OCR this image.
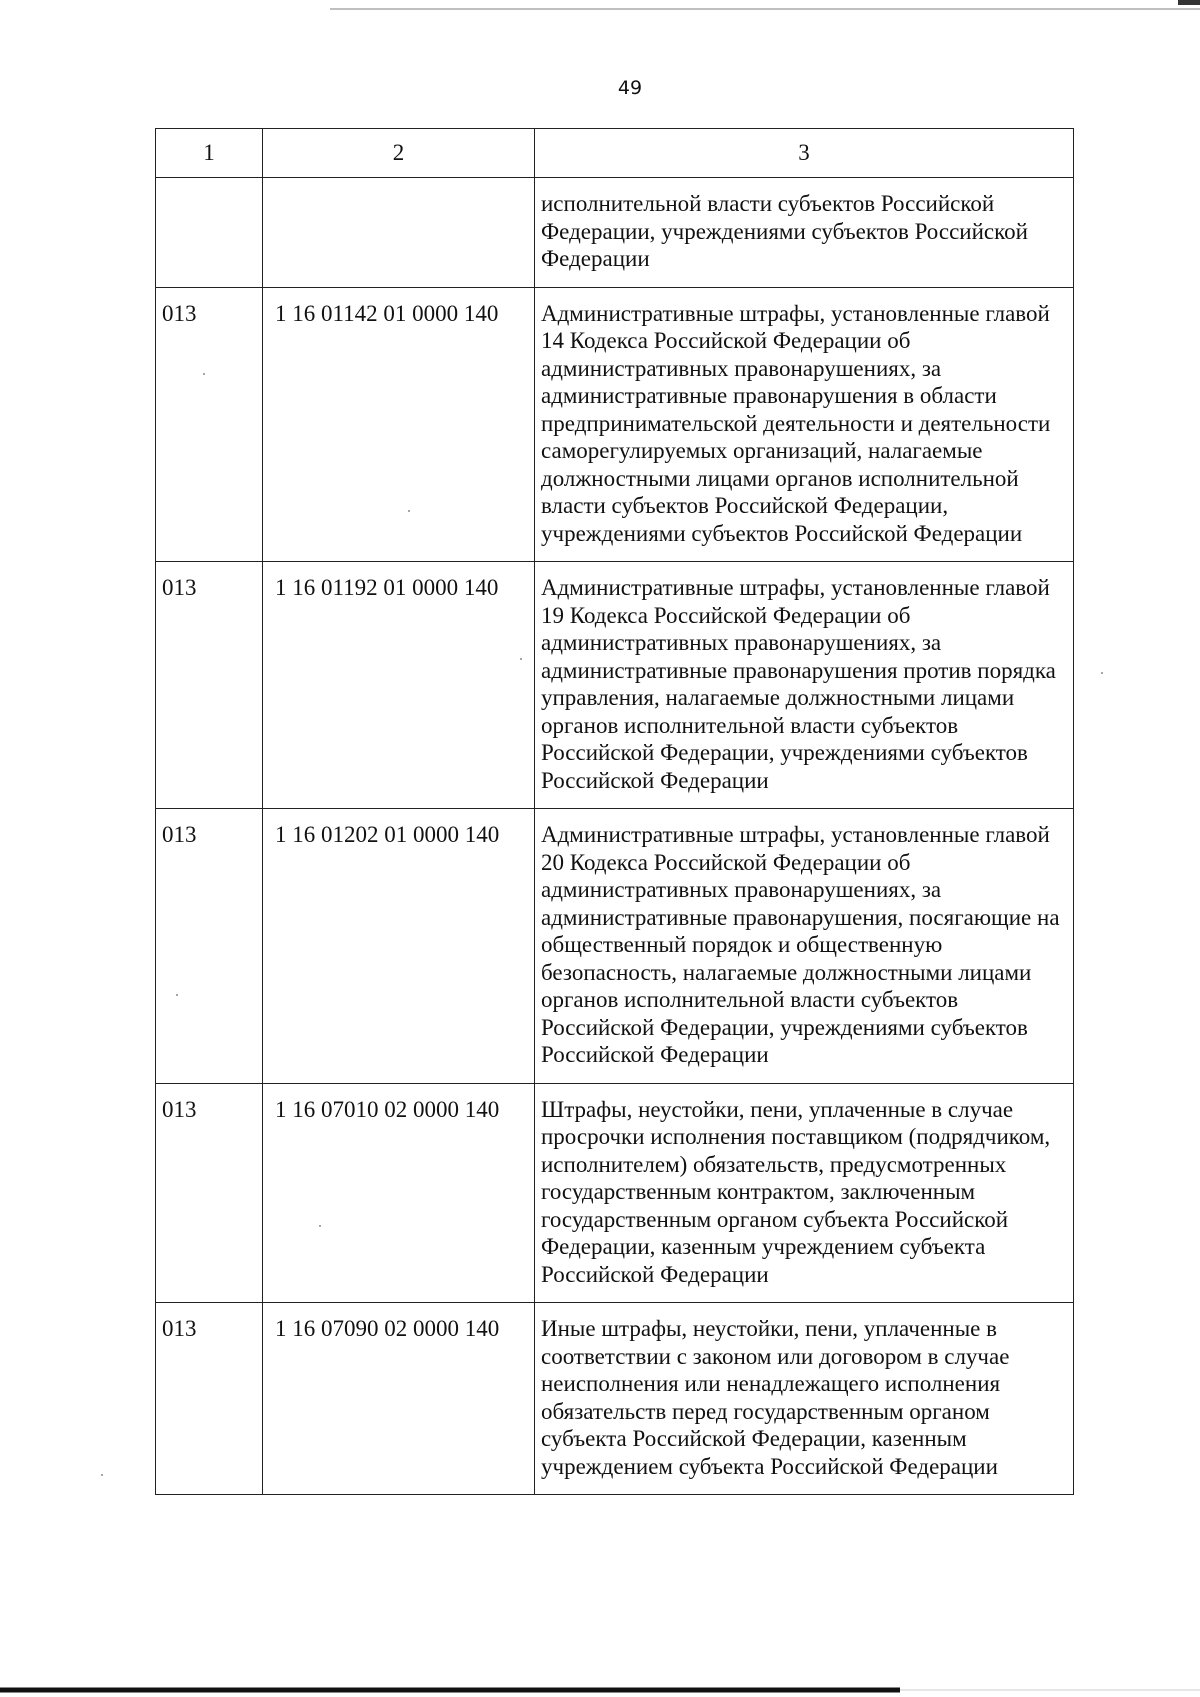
49
1	2	3
		исполнительной власти субъектов Российской Федерации, учреждениями субъектов Российской Федерации
013	1 16 01142 01 0000 140	Административные штрафы, установленные главой 14 Кодекса Российской Федерации об административных правонарушениях, за административные правонарушения в области предпринимательской деятельности и деятельности саморегулируемых организаций, налагаемые должностными лицами органов исполнительной власти субъектов Российской Федерации, учреждениями субъектов Российской Федерации
013	1 16 01192 01 0000 140	Административные штрафы, установленные главой 19 Кодекса Российской Федерации об административных правонарушениях, за административные правонарушения против порядка управления, налагаемые должностными лицами органов исполнительной власти субъектов Российской Федерации, учреждениями субъектов Российской Федерации
013	1 16 01202 01 0000 140	Административные штрафы, установленные главой 20 Кодекса Российской Федерации об административных правонарушениях, за административные правонарушения, посягающие на общественный порядок и общественную безопасность, налагаемые должностными лицами органов исполнительной власти субъектов Российской Федерации, учреждениями субъектов Российской Федерации
013	1 16 07010 02 0000 140	Штрафы, неустойки, пени, уплаченные в случае просрочки исполнения поставщиком (подрядчиком, исполнителем) обязательств, предусмотренных государственным контрактом, заключенным государственным органом субъекта Российской Федерации, казенным учреждением субъекта Российской Федерации
013	1 16 07090 02 0000 140	Иные штрафы, неустойки, пени, уплаченные в соответствии с законом или договором в случае неисполнения или ненадлежащего исполнения обязательств перед государственным органом субъекта Российской Федерации, казенным учреждением субъекта Российской Федерации
